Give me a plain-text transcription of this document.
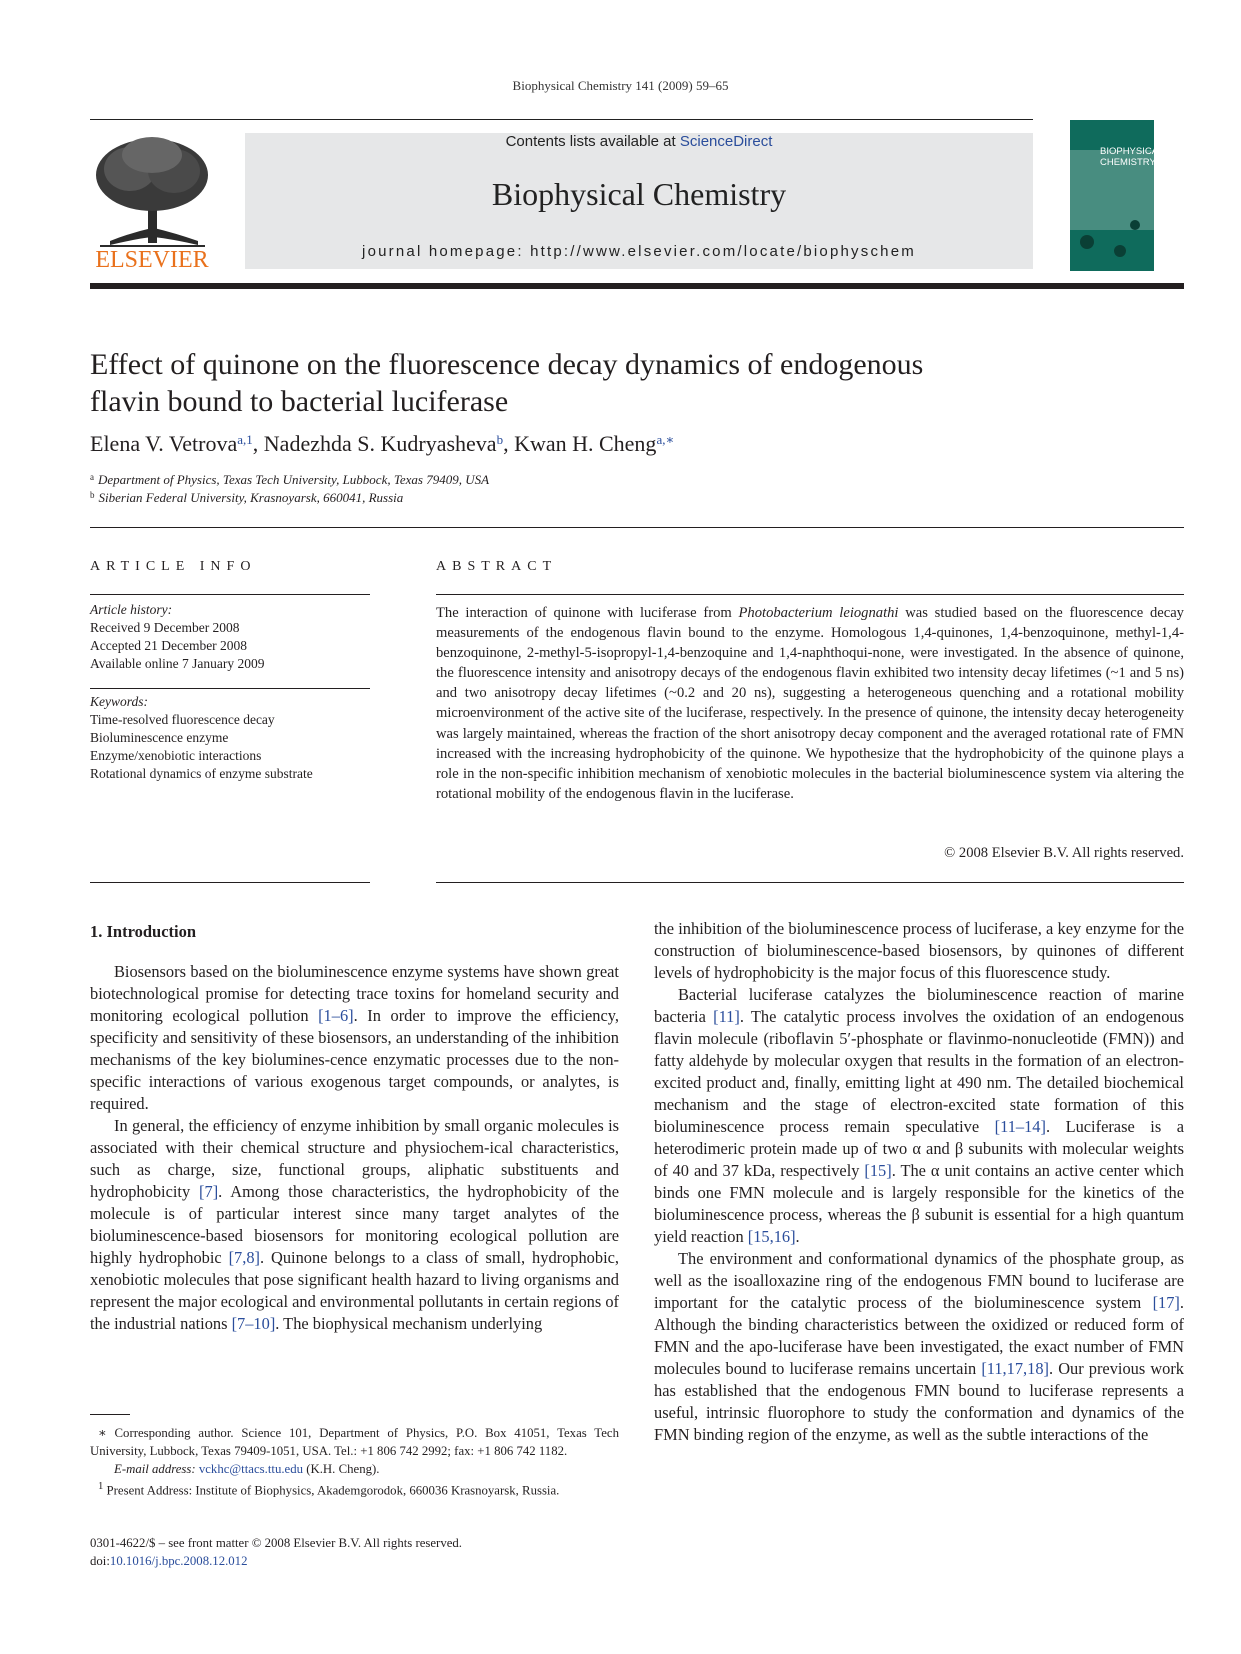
Biophysical Chemistry 141 (2009) 59–65
ELSEVIER
Contents lists available at ScienceDirect
Biophysical Chemistry
journal homepage: http://www.elsevier.com/locate/biophyschem
BIOPHYSICAL CHEMISTRY
Effect of quinone on the fluorescence decay dynamics of endogenous
flavin bound to bacterial luciferase
Elena V. Vetrova$^{a,1}$, Nadezhda S. Kudryasheva$^b$, Kwan H. Cheng$^{a,∗}$
$^a$ Department of Physics, Texas Tech University, Lubbock, Texas 79409, USA
$^b$ Siberian Federal University, Krasnoyarsk, 660041, Russia
ARTICLE INFO
Article history:
Received 9 December 2008
Accepted 21 December 2008
Available online 7 January 2009
Keywords:
Time-resolved fluorescence decay
Bioluminescence enzyme
Enzyme/xenobiotic interactions
Rotational dynamics of enzyme substrate
ABSTRACT
The interaction of quinone with luciferase from Photobacterium leiognathi was studied based on the fluorescence decay measurements of the endogenous flavin bound to the enzyme. Homologous 1,4-quinones, 1,4-benzoquinone, methyl-1,4-benzoquinone, 2-methyl-5-isopropyl-1,4-benzoquine and 1,4-naphthoqui-none, were investigated. In the absence of quinone, the fluorescence intensity and anisotropy decays of the endogenous flavin exhibited two intensity decay lifetimes (~1 and 5 ns) and two anisotropy decay lifetimes (~0.2 and 20 ns), suggesting a heterogeneous quenching and a rotational mobility microenvironment of the active site of the luciferase, respectively. In the presence of quinone, the intensity decay heterogeneity was largely maintained, whereas the fraction of the short anisotropy decay component and the averaged rotational rate of FMN increased with the increasing hydrophobicity of the quinone. We hypothesize that the hydrophobicity of the quinone plays a role in the non-specific inhibition mechanism of xenobiotic molecules in the bacterial bioluminescence system via altering the rotational mobility of the endogenous flavin in the luciferase.
© 2008 Elsevier B.V. All rights reserved.
1. Introduction

Biosensors based on the bioluminescence enzyme systems have shown great biotechnological promise for detecting trace toxins for homeland security and monitoring ecological pollution [1–6]. In order to improve the efficiency, specificity and sensitivity of these biosensors, an understanding of the inhibition mechanisms of the key biolumines-cence enzymatic processes due to the non-specific interactions of various exogenous target compounds, or analytes, is required.

In general, the efficiency of enzyme inhibition by small organic molecules is associated with their chemical structure and physiochem-ical characteristics, such as charge, size, functional groups, aliphatic substituents and hydrophobicity [7]. Among those characteristics, the hydrophobicity of the molecule is of particular interest since many target analytes of the bioluminescence-based biosensors for monitoring ecological pollution are highly hydrophobic [7,8]. Quinone belongs to a class of small, hydrophobic, xenobiotic molecules that pose significant health hazard to living organisms and represent the major ecological and environmental pollutants in certain regions of the industrial nations [7–10]. The biophysical mechanism underlying

the inhibition of the bioluminescence process of luciferase, a key enzyme for the construction of bioluminescence-based biosensors, by quinones of different levels of hydrophobicity is the major focus of this fluorescence study.

Bacterial luciferase catalyzes the bioluminescence reaction of marine bacteria [11]. The catalytic process involves the oxidation of an endogenous flavin molecule (riboflavin 5′-phosphate or flavinmo-nonucleotide (FMN)) and fatty aldehyde by molecular oxygen that results in the formation of an electron-excited product and, finally, emitting light at 490 nm. The detailed biochemical mechanism and the stage of electron-excited state formation of this bioluminescence process remain speculative [11–14]. Luciferase is a heterodimeric protein made up of two α and β subunits with molecular weights of 40 and 37 kDa, respectively [15]. The α unit contains an active center which binds one FMN molecule and is largely responsible for the kinetics of the bioluminescence process, whereas the β subunit is essential for a high quantum yield reaction [15,16].

The environment and conformational dynamics of the phosphate group, as well as the isoalloxazine ring of the endogenous FMN bound to luciferase are important for the catalytic process of the bioluminescence system [17]. Although the binding characteristics between the oxidized or reduced form of FMN and the apo-luciferase have been investigated, the exact number of FMN molecules bound to luciferase remains uncertain [11,17,18]. Our previous work has established that the endogenous FMN bound to luciferase represents a useful, intrinsic fluorophore to study the conformation and dynamics of the FMN binding region of the enzyme, as well as the subtle interactions of the

∗ Corresponding author. Science 101, Department of Physics, P.O. Box 41051, Texas Tech University, Lubbock, Texas 79409-1051, USA. Tel.: +1 806 742 2992; fax: +1 806 742 1182.

E-mail address: vckhc@ttacs.ttu.edu (K.H. Cheng).

$^1$ Present Address: Institute of Biophysics, Akademgorodok, 660036 Krasnoyarsk, Russia.

0301-4622/$ – see front matter © 2008 Elsevier B.V. All rights reserved.
doi:10.1016/j.bpc.2008.12.012
